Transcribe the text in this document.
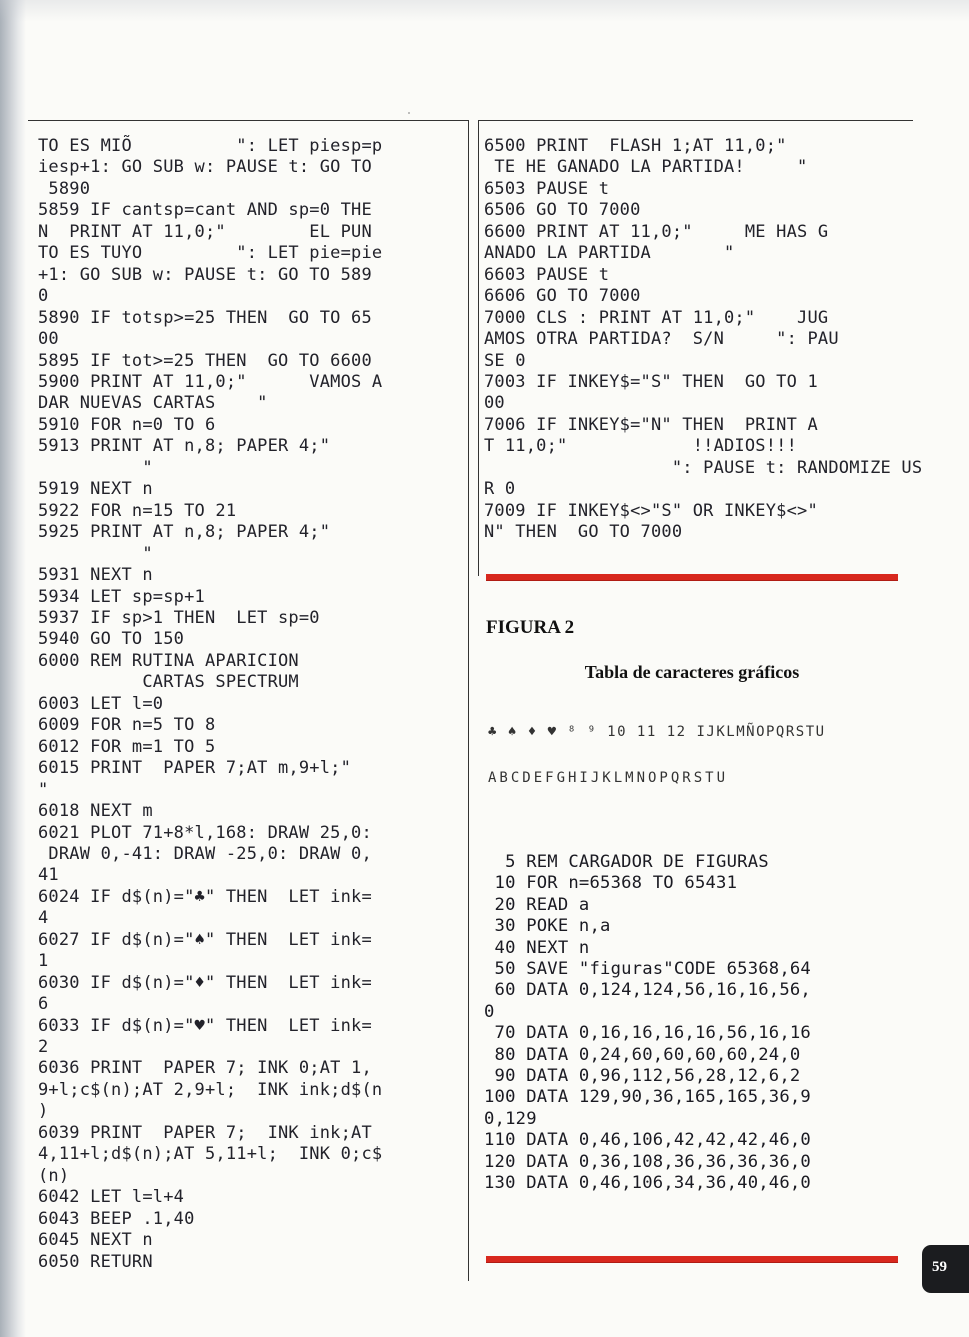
TO ES MIÕ          ": LET piesp=p
iesp+1: GO SUB w: PAUSE t: GO TO
5890
5859 IF cantsp=cant AND sp=0 THE
N  PRINT AT 11,0;"        EL PUN
TO ES TUYO         ": LET pie=pie
+1: GO SUB w: PAUSE t: GO TO 589
0
5890 IF totsp>=25 THEN  GO TO 65
00
5895 IF tot>=25 THEN  GO TO 6600
5900 PRINT AT 11,0;"      VAMOS A
DAR NUEVAS CARTAS    "
5910 FOR n=0 TO 6
5913 PRINT AT n,8; PAPER 4;"
"
5919 NEXT n
5922 FOR n=15 TO 21
5925 PRINT AT n,8; PAPER 4;"
"
5931 NEXT n
5934 LET sp=sp+1
5937 IF sp>1 THEN  LET sp=0
5940 GO TO 150
6000 REM RUTINA APARICION
CARTAS SPECTRUM
6003 LET l=0
6009 FOR n=5 TO 8
6012 FOR m=1 TO 5
6015 PRINT  PAPER 7;AT m,9+l;"
"
6018 NEXT m
6021 PLOT 71+8*l,168: DRAW 25,0:
DRAW 0,-41: DRAW -25,0: DRAW 0,
41
6024 IF d$(n)="♣" THEN  LET ink=
4
6027 IF d$(n)="♠" THEN  LET ink=
1
6030 IF d$(n)="♦" THEN  LET ink=
6
6033 IF d$(n)="♥" THEN  LET ink=
2
6036 PRINT  PAPER 7; INK 0;AT 1,
9+l;c$(n);AT 2,9+l;  INK ink;d$(n
)
6039 PRINT  PAPER 7;  INK ink;AT
4,11+l;d$(n);AT 5,11+l;  INK 0;c$
(n)
6042 LET l=l+4
6043 BEEP .1,40
6045 NEXT n
6050 RETURN
6500 PRINT  FLASH 1;AT 11,0;"
TE HE GANADO LA PARTIDA!     "
6503 PAUSE t
6506 GO TO 7000
6600 PRINT AT 11,0;"     ME HAS G
ANADO LA PARTIDA       "
6603 PAUSE t
6606 GO TO 7000
7000 CLS : PRINT AT 11,0;"    JUG
AMOS OTRA PARTIDA?  S/N     ": PAU
SE 0
7003 IF INKEY$="S" THEN  GO TO 1
00
7006 IF INKEY$="N" THEN  PRINT A
T 11,0;"            !!ADIOS!!!
": PAUSE t: RANDOMIZE US
R 0
7009 IF INKEY$<>"S" OR INKEY$<>"
N" THEN  GO TO 7000
FIGURA 2
Tabla de caracteres gráficos
♣ ♠ ♦ ♥ ⁸ ⁹ 10 11 12 IJKLMÑOPQRSTU
ABCDEFGHIJKLMNOPQRSTU
5 REM CARGADOR DE FIGURAS
10 FOR n=65368 TO 65431
20 READ a
30 POKE n,a
40 NEXT n
50 SAVE "figuras"CODE 65368,64
60 DATA 0,124,124,56,16,16,56,
0
70 DATA 0,16,16,16,16,56,16,16
80 DATA 0,24,60,60,60,60,24,0
90 DATA 0,96,112,56,28,12,6,2
100 DATA 129,90,36,165,165,36,9
0,129
110 DATA 0,46,106,42,42,42,46,0
120 DATA 0,36,108,36,36,36,36,0
130 DATA 0,46,106,34,36,40,46,0
59
